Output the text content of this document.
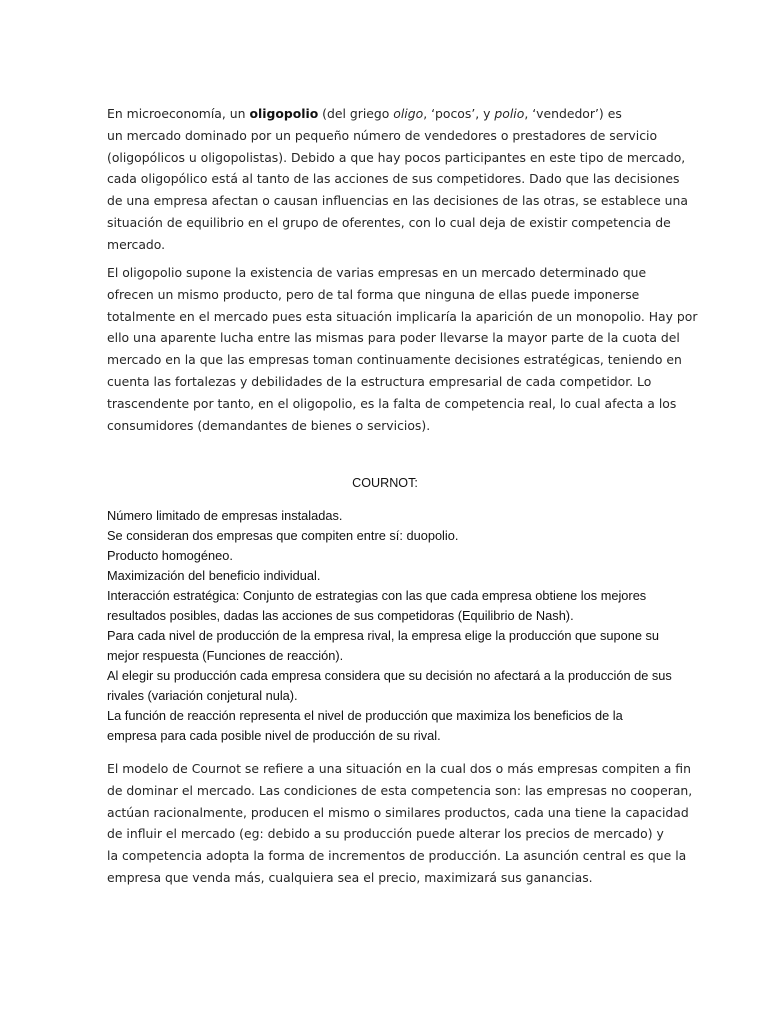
En microeconomía, un oligopolio (del griego oligo, ‘pocos’, y polio, ‘vendedor’) es
un mercado dominado por un pequeño número de vendedores o prestadores de servicio
(oligopólicos u oligopolistas). Debido a que hay pocos participantes en este tipo de mercado,
cada oligopólico está al tanto de las acciones de sus competidores. Dado que las decisiones
de una empresa afectan o causan influencias en las decisiones de las otras, se establece una
situación de equilibrio en el grupo de oferentes, con lo cual deja de existir competencia de
mercado.

El oligopolio supone la existencia de varias empresas en un mercado determinado que
ofrecen un mismo producto, pero de tal forma que ninguna de ellas puede imponerse
totalmente en el mercado pues esta situación implicaría la aparición de un monopolio. Hay por
ello una aparente lucha entre las mismas para poder llevarse la mayor parte de la cuota del
mercado en la que las empresas toman continuamente decisiones estratégicas, teniendo en
cuenta las fortalezas y debilidades de la estructura empresarial de cada competidor. Lo
trascendente por tanto, en el oligopolio, es la falta de competencia real, lo cual afecta a los
consumidores (demandantes de bienes o servicios).

COURNOT:
Número limitado de empresas instaladas.
Se consideran dos empresas que compiten entre sí: duopolio.
Producto homogéneo.
Maximización del beneficio individual.
Interacción estratégica: Conjunto de estrategias con las que cada empresa obtiene los mejores
resultados posibles, dadas las acciones de sus competidoras (Equilibrio de Nash).
Para cada nivel de producción de la empresa rival, la empresa elige la producción que supone su
mejor respuesta (Funciones de reacción).
Al elegir su producción cada empresa considera que su decisión no afectará a la producción de sus
rivales (variación conjetural nula).
La función de reacción representa el nivel de producción que maximiza los beneficios de la
empresa para cada posible nivel de producción de su rival.

El modelo de Cournot se refiere a una situación en la cual dos o más empresas compiten a fin
de dominar el mercado. Las condiciones de esta competencia son: las empresas no cooperan,
actúan racionalmente, producen el mismo o similares productos, cada una tiene la capacidad
de influir el mercado (eg: debido a su producción puede alterar los precios de mercado) y
la competencia adopta la forma de incrementos de producción. La asunción central es que la
empresa que venda más, cualquiera sea el precio, maximizará sus ganancias.
